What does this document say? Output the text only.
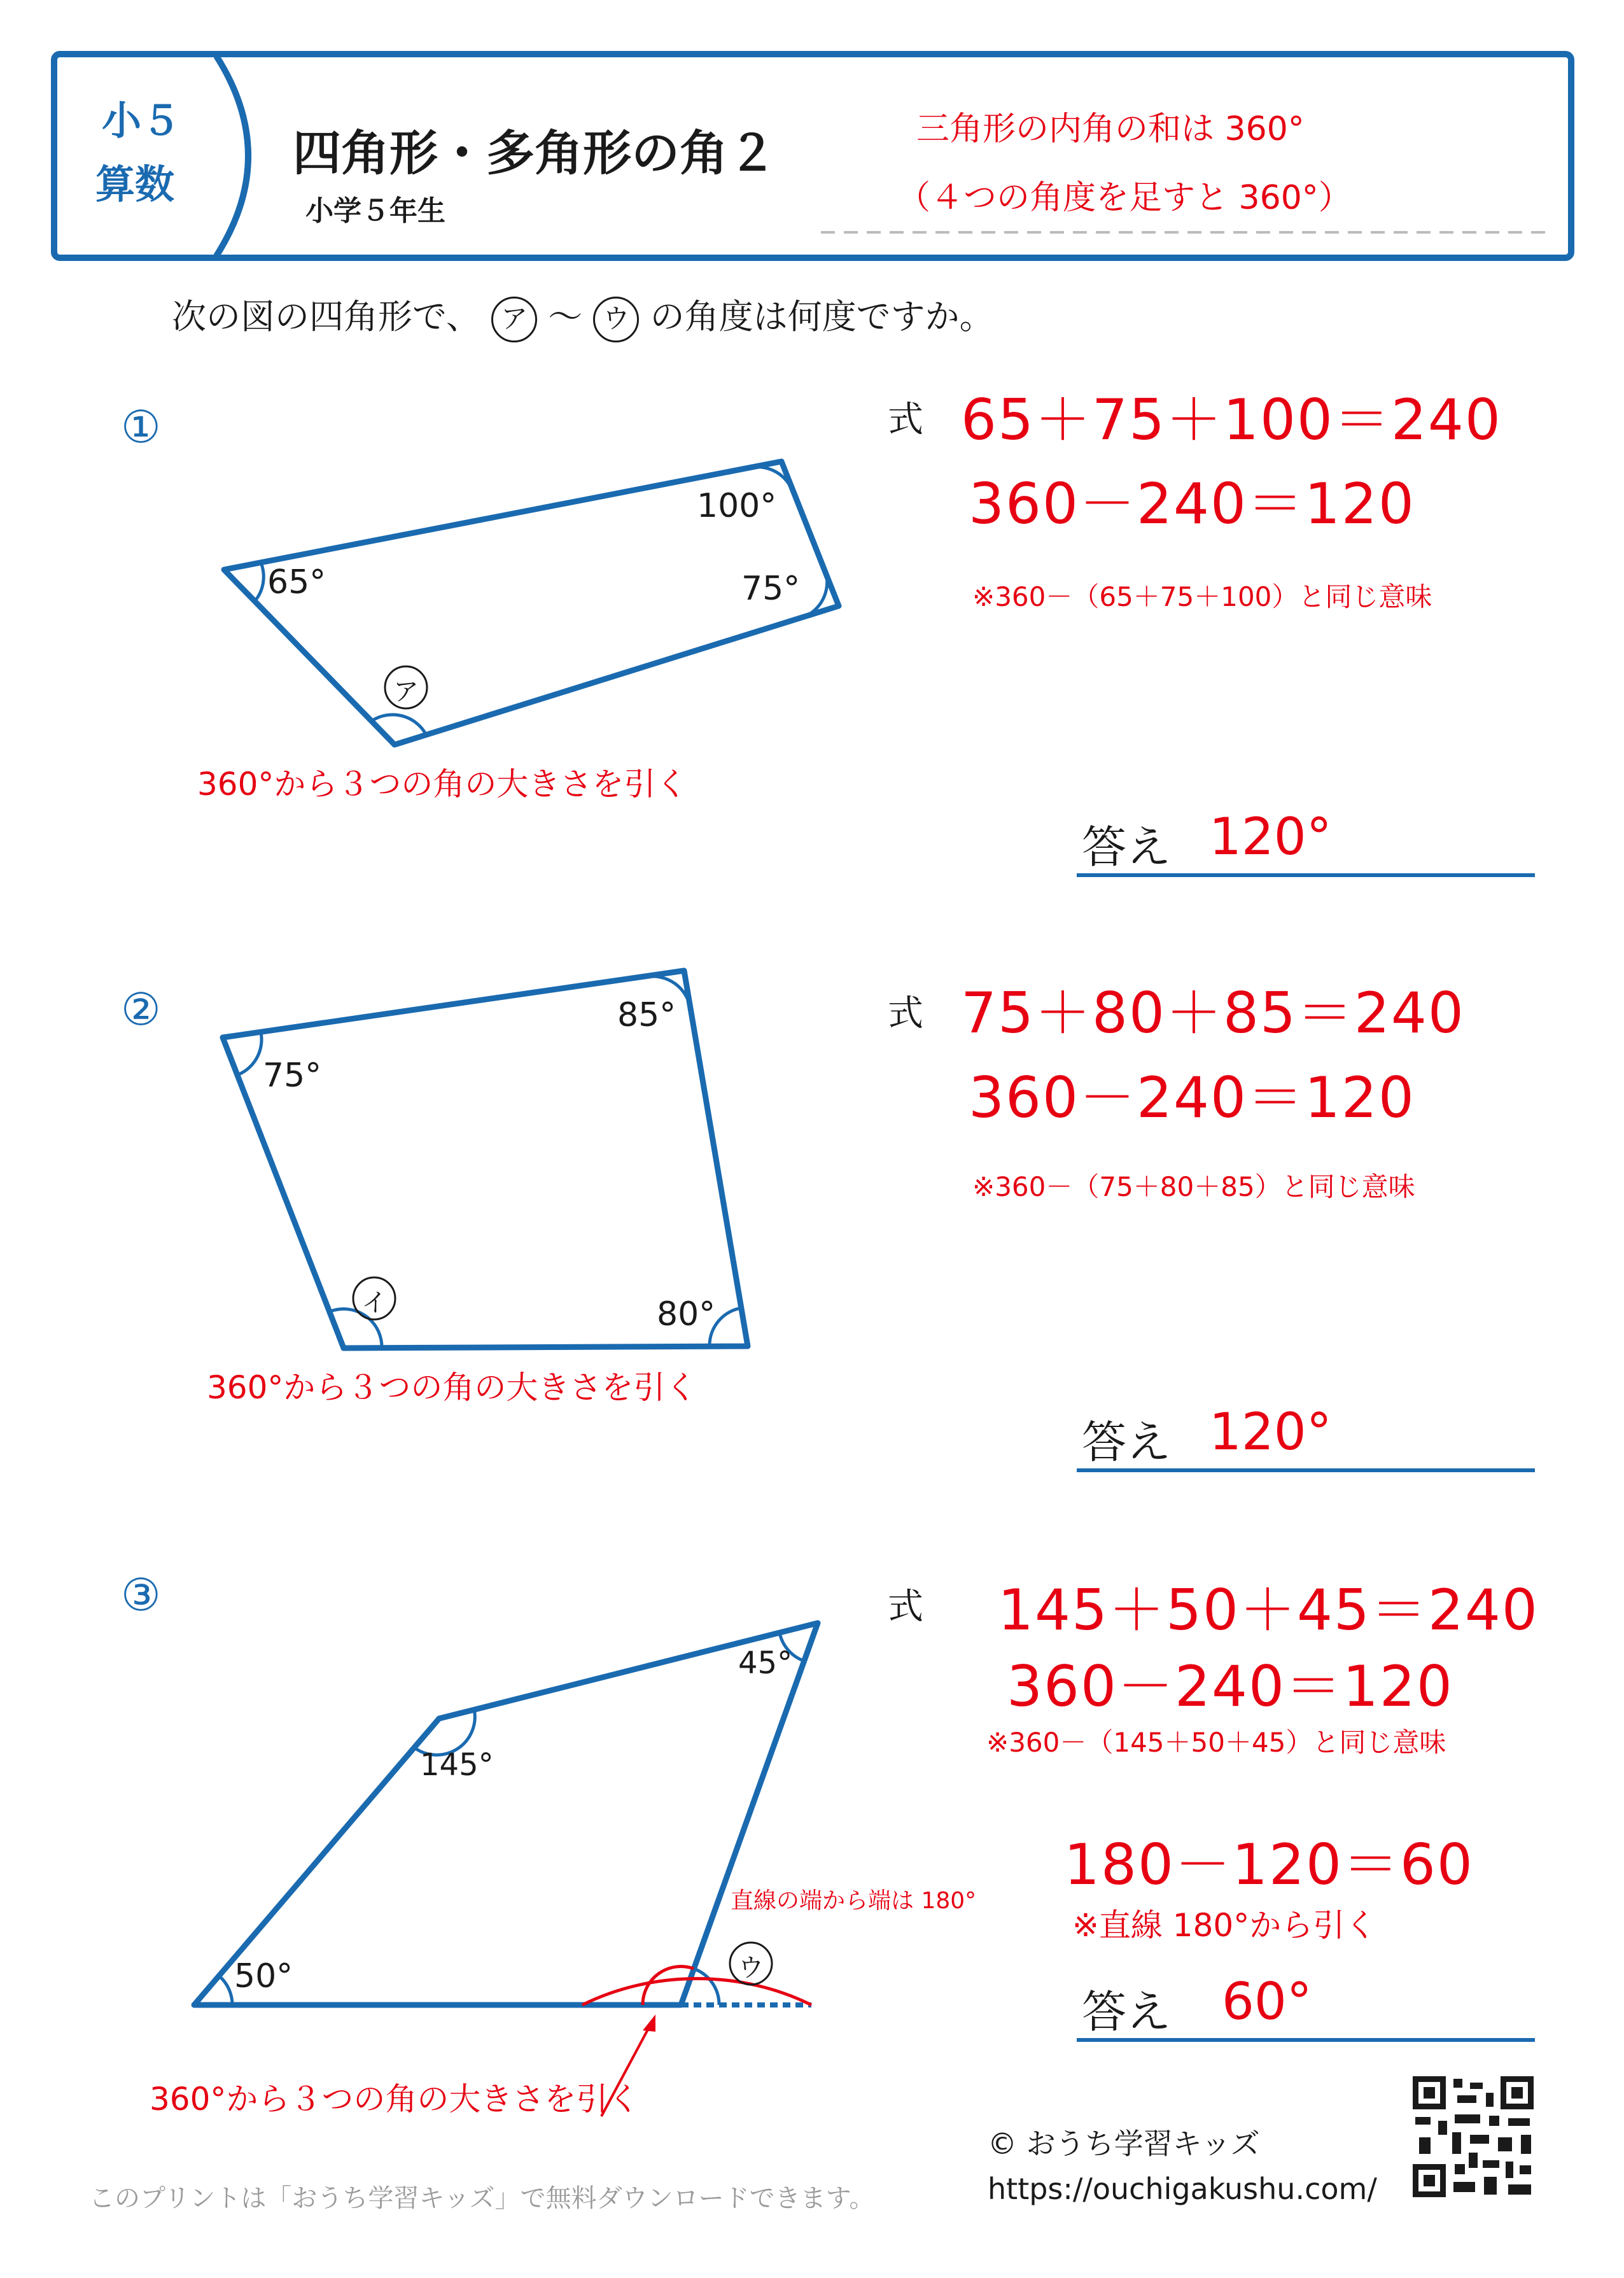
小５
算数
四角形・多角形の角２
小学５年生
三角形の内角の和は 360°
（４つの角度を足すと 360°）
次の図の四角形で、 ア ～ ウ の角度は何度ですか。
①
65°
100°
75°
ア
360°から３つの角の大きさを引く
式 65＋75＋100＝240
360－240＝120
※360－（65＋75＋100）と同じ意味
答え 120°
②
75°
85°
80°
イ
360°から３つの角の大きさを引く
式 75＋80＋85＝240
360－240＝120
※360－（75＋80＋85）と同じ意味
答え 120°
③
50°
145°
45°
ウ
直線の端から端は 180°
360°から３つの角の大きさを引く
式 145＋50＋45＝240
360－240＝120
※360－（145＋50＋45）と同じ意味
180－120＝60
※直線 180°から引く
答え 60°
© おうち学習キッズ
https://ouchigakushu.com/
このプリントは「おうち学習キッズ」で無料ダウンロードできます。
